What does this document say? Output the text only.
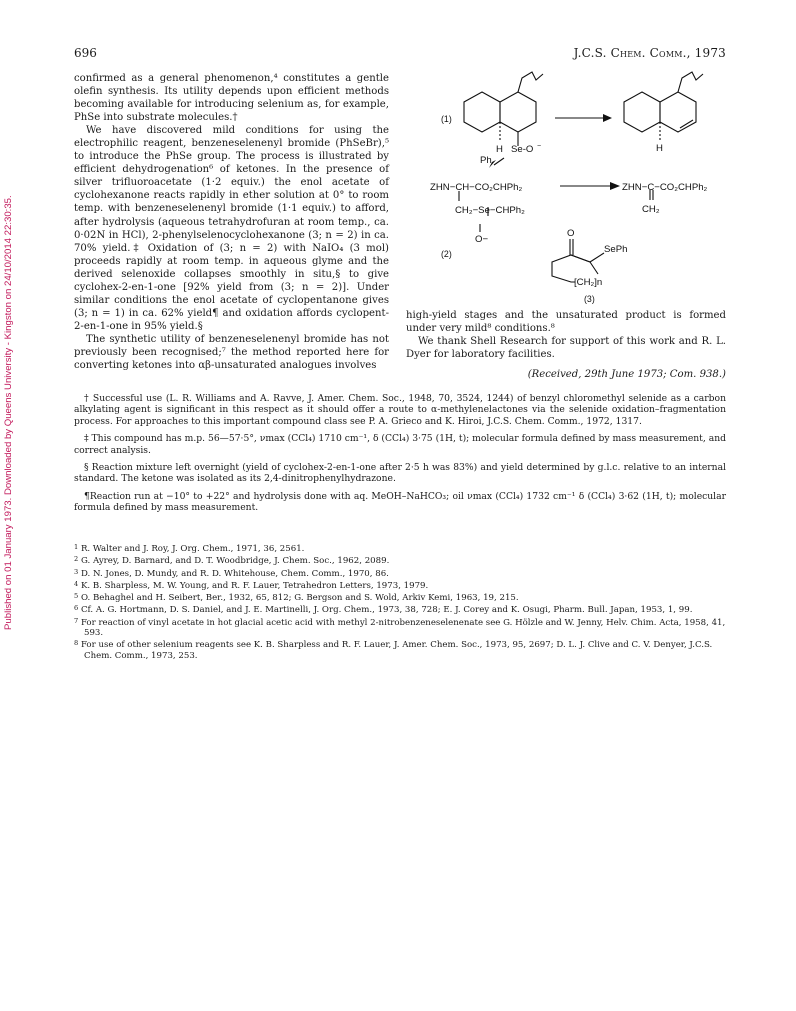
Published on 01 January 1973. Downloaded by Queens University - Kingston on 24/10/2014 22:30:35.
696	J.C.S. Chem. Comm., 1973

confirmed as a general phenomenon,⁴ constitutes a gentle olefin synthesis. Its utility depends upon efficient methods becoming available for introducing selenium as, for example, PhSe into substrate molecules.†

We have discovered mild conditions for using the electrophilic reagent, benzeneselenenyl bromide (PhSeBr),⁵ to introduce the PhSe group. The process is illustrated by efficient dehydrogenation⁶ of ketones. In the presence of silver trifluoroacetate (1·2 equiv.) the enol acetate of cyclohexanone reacts rapidly in ether solution at 0° to room temp. with benzeneselenenyl bromide (1·1 equiv.) to afford, after hydrolysis (aqueous tetrahydrofuran at room temp., ca. 0·02N in HCl), 2-phenylselenocyclohexanone (3; n = 2) in ca. 70% yield.‡ Oxidation of (3; n = 2) with NaIO₄ (3 mol) proceeds rapidly at room temp. in aqueous glyme and the derived selenoxide collapses smoothly in situ,§ to give cyclohex-2-en-1-one [92% yield from (3; n = 2)]. Under similar conditions the enol acetate of cyclopentanone gives (3; n = 1) in ca. 62% yield¶ and oxidation affords cyclopent-2-en-1-one in 95% yield.§

The synthetic utility of benzeneselenenyl bromide has not previously been recognised;⁷ the method reported here for converting ketones into αβ-unsaturated analogues involves

(1)
H Se-O −
Ph
H
ZHN−CH−CO₂CHPh₂
CH₂−Se−CHPh₂
O−
(2)
ZHN−C−CO₂CHPh₂
CH₂
O
SePh
[CH₂]n
(3)

high-yield stages and the unsaturated product is formed under very mild⁸ conditions.⁸

We thank Shell Research for support of this work and R. L. Dyer for laboratory facilities.

(Received, 29th June 1973; Com. 938.)

† Successful use (L. R. Williams and A. Ravve, J. Amer. Chem. Soc., 1948, 70, 3524, 1244) of benzyl chloromethyl selenide as a carbon alkylating agent is significant in this respect as it should offer a route to α-methylenelactones via the selenide oxidation–fragmentation process. For approaches to this important compound class see P. A. Grieco and K. Hiroi, J.C.S. Chem. Comm., 1972, 1317.

‡ This compound has m.p. 56—57·5°, νmax (CCl₄) 1710 cm⁻¹, δ (CCl₄) 3·75 (1H, t); molecular formula defined by mass measurement, and correct analysis.

§ Reaction mixture left overnight (yield of cyclohex-2-en-1-one after 2·5 h was 83%) and yield determined by g.l.c. relative to an internal standard. The ketone was isolated as its 2,4-dinitrophenylhydrazone.

¶Reaction run at −10° to +22° and hydrolysis done with aq. MeOH–NaHCO₃; oil νmax (CCl₄) 1732 cm⁻¹ δ (CCl₄) 3·62 (1H, t); molecular formula defined by mass measurement.

$^1$ R. Walter and J. Roy, J. Org. Chem., 1971, 36, 2561.

$^2$ G. Ayrey, D. Barnard, and D. T. Woodbridge, J. Chem. Soc., 1962, 2089.

$^3$ D. N. Jones, D. Mundy, and R. D. Whitehouse, Chem. Comm., 1970, 86.

$^4$ K. B. Sharpless, M. W. Young, and R. F. Lauer, Tetrahedron Letters, 1973, 1979.

$^5$ O. Behaghel and H. Seibert, Ber., 1932, 65, 812; G. Bergson and S. Wold, Arkiv Kemi, 1963, 19, 215.

$^6$ Cf. A. G. Hortmann, D. S. Daniel, and J. E. Martinelli, J. Org. Chem., 1973, 38, 728; E. J. Corey and K. Osugi, Pharm. Bull. Japan, 1953, 1, 99.

$^7$ For reaction of vinyl acetate in hot glacial acetic acid with methyl 2-nitrobenzeneselenenate see G. Hölzle and W. Jenny, Helv. Chim. Acta, 1958, 41, 593.

$^8$ For use of other selenium reagents see K. B. Sharpless and R. F. Lauer, J. Amer. Chem. Soc., 1973, 95, 2697; D. L. J. Clive and C. V. Denyer, J.C.S. Chem. Comm., 1973, 253.
